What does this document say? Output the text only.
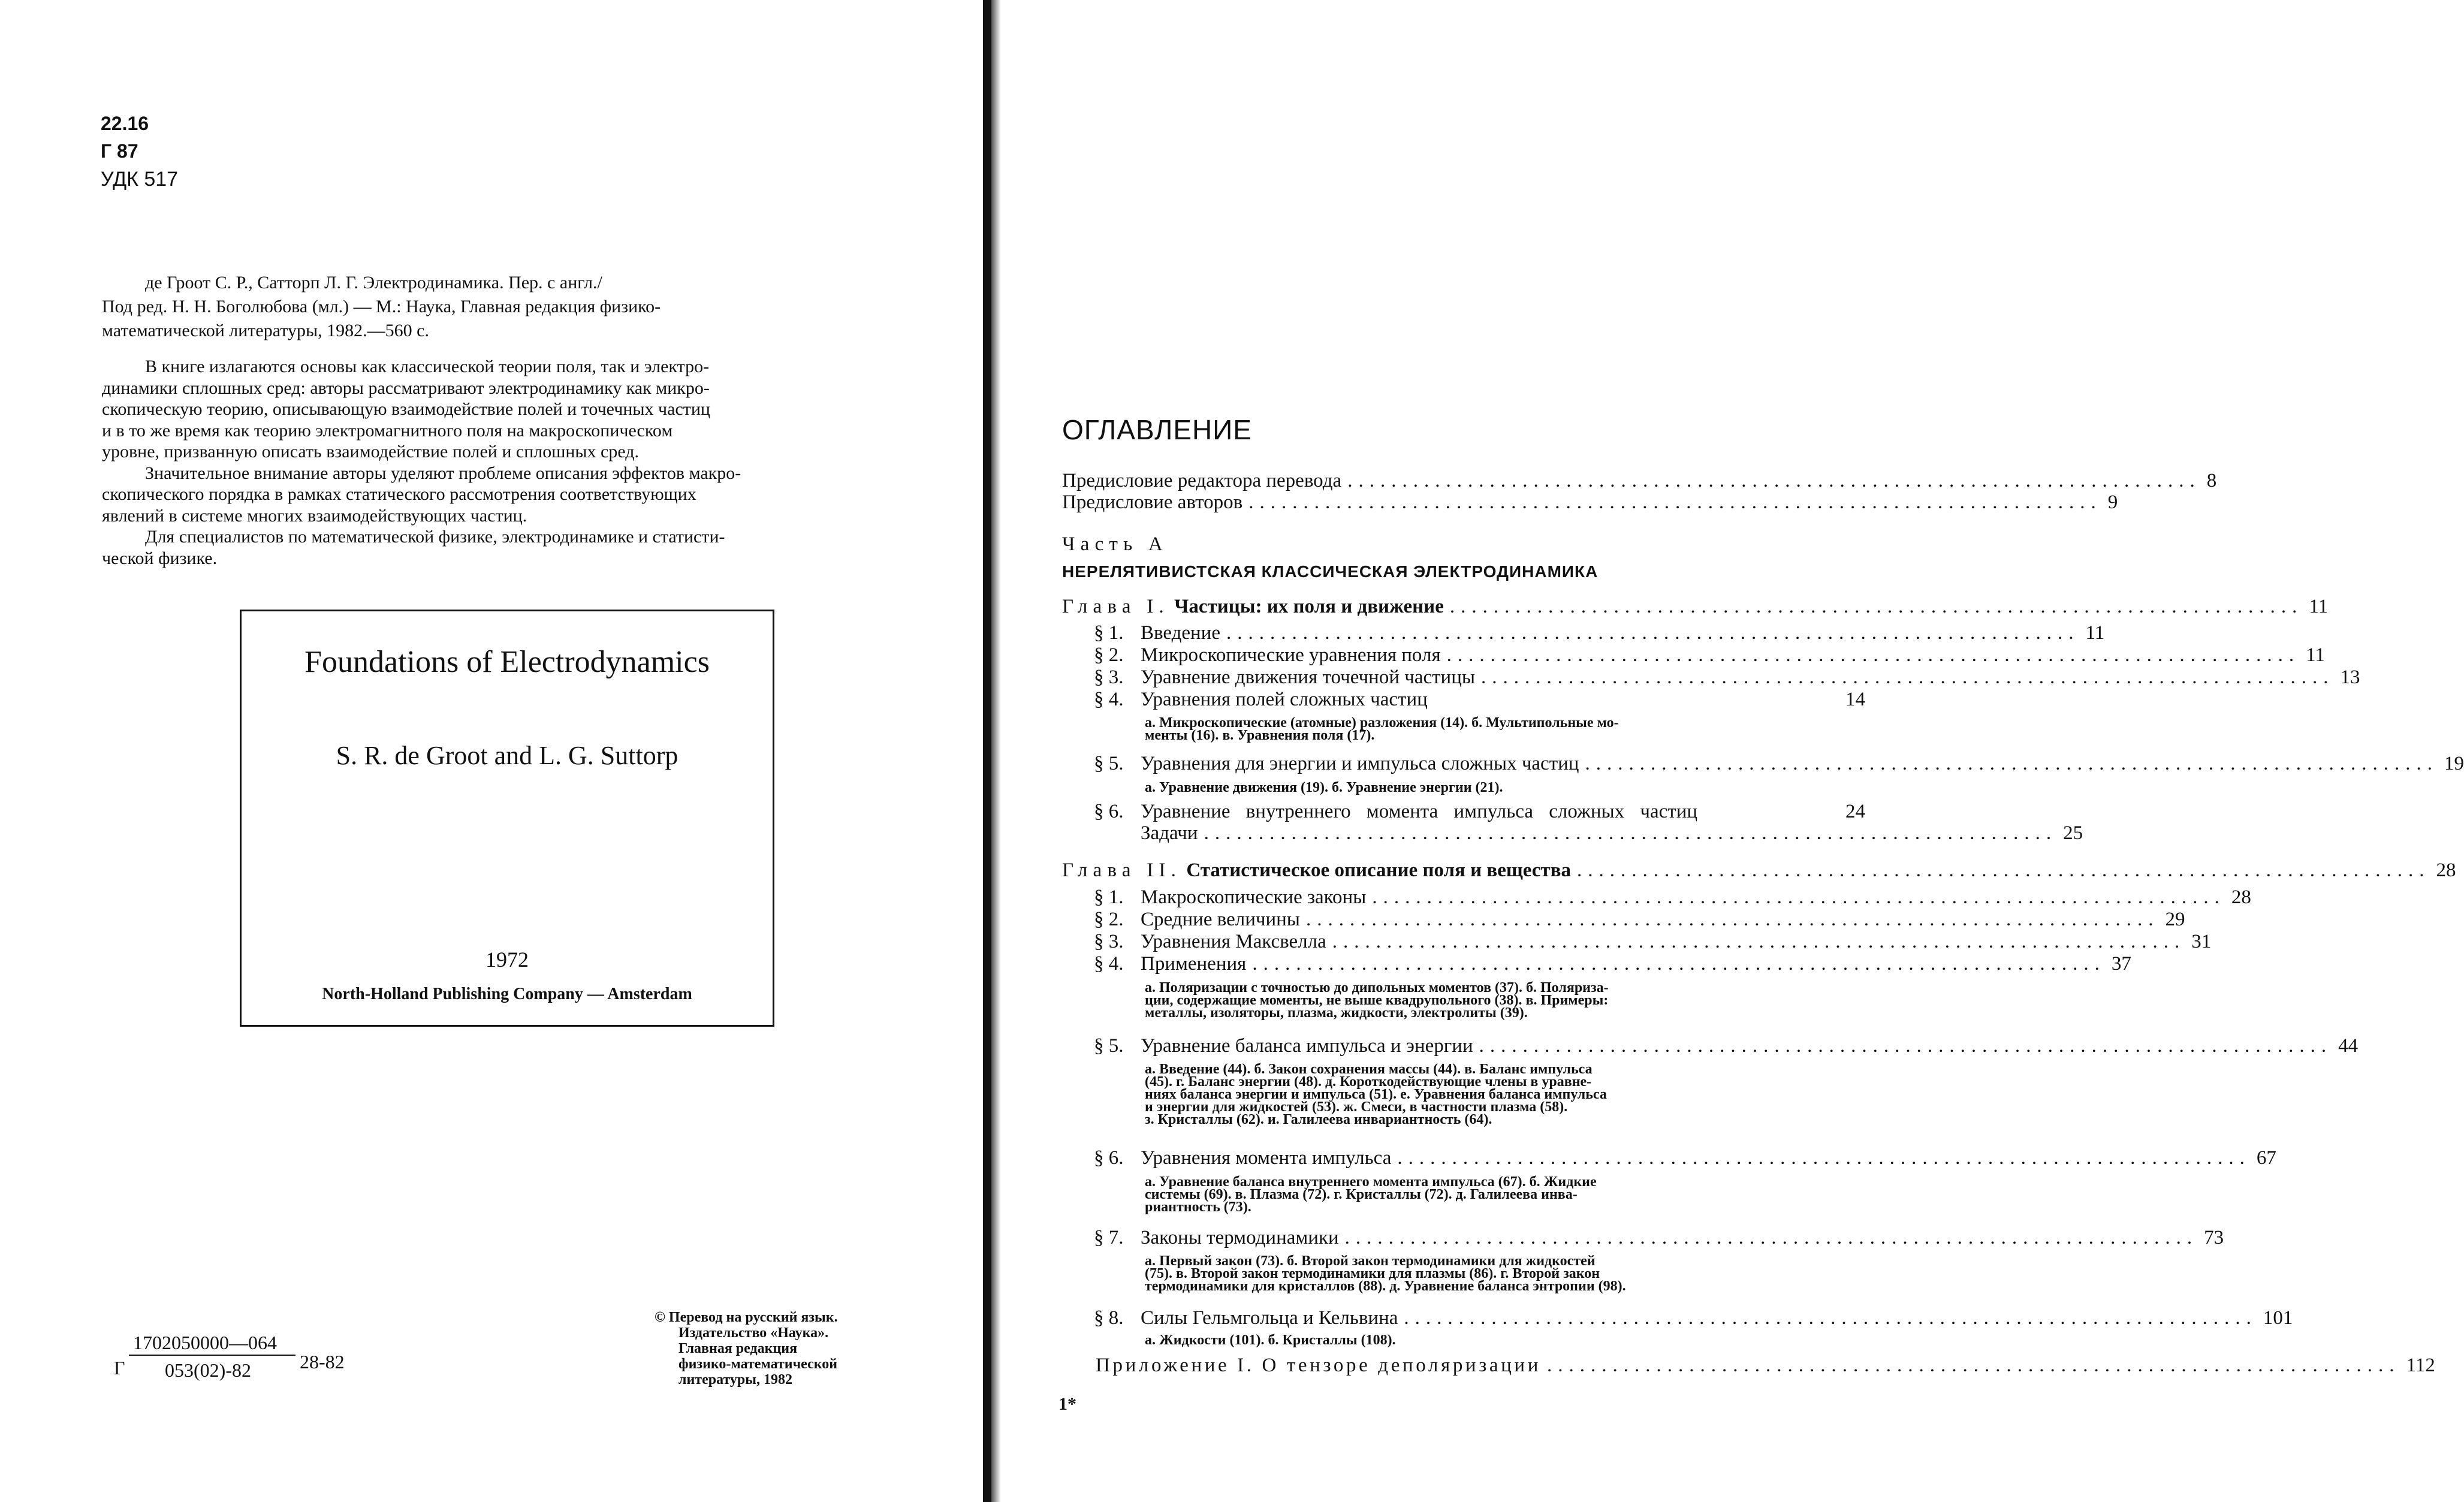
22.16
Г 87
УДК 517
де Гроот С. Р., Сатторп Л. Г. Электродинамика. Пер. с англ./
Под ред. Н. Н. Боголюбова (мл.) — М.: Наука, Главная редакция физико-
математической литературы, 1982.—560 с.
В книге излагаются основы как классической теории поля, так и электро-
динамики сплошных сред: авторы рассматривают электродинамику как микро-
скопическую теорию, описывающую взаимодействие полей и точечных частиц
и в то же время как теорию электромагнитного поля на макроскопическом
уровне, призванную описать взаимодействие полей и сплошных сред.
Значительное внимание авторы уделяют проблеме описания эффектов макро-
скопического порядка в рамках статического рассмотрения соответствующих
явлений в системе многих взаимодействующих частиц.
Для специалистов по математической физике, электродинамике и статисти-
ческой физике.
Foundations of Electrodynamics
S. R. de Groot and L. G. Suttorp
1972
North-Holland Publishing Company — Amsterdam
Г
1702050000—064
053(02)-82	28-82
© Перевод на русский язык.
Издательство «Наука».
Главная редакция
физико-математической
литературы, 1982
ОГЛАВЛЕНИЕ
Предисловие редактора перевода .............................................................................. 8
Предисловие авторов .............................................................................. 9
Часть А
НЕРЕЛЯТИВИСТСКАЯ КЛАССИЧЕСКАЯ ЭЛЕКТРОДИНАМИКА
Глава I. Частицы: их поля и движение .............................................................................. 11
§ 1. Введение .............................................................................. 11
§ 2. Микроскопические уравнения поля .............................................................................. 11
§ 3. Уравнение движения точечной частицы .............................................................................. 13
§ 4. Уравнения полей сложных частиц	14
а. Микроскопические (атомные) разложения (14). б. Мультипольные мо-
менты (16). в. Уравнения поля (17).
§ 5. Уравнения для энергии и импульса сложных частиц .............................................................................. 19
а. Уравнение движения (19). б. Уравнение энергии (21).
§ 6. Уравнение внутреннего момента импульса сложных частиц	24
Задачи .............................................................................. 25
Глава II. Статистическое описание поля и вещества .............................................................................. 28
§ 1. Макроскопические законы .............................................................................. 28
§ 2. Средние величины .............................................................................. 29
§ 3. Уравнения Максвелла .............................................................................. 31
§ 4. Применения .............................................................................. 37
а. Поляризации с точностью до дипольных моментов (37). б. Поляриза-
ции, содержащие моменты, не выше квадрупольного (38). в. Примеры:
металлы, изоляторы, плазма, жидкости, электролиты (39).
§ 5. Уравнение баланса импульса и энергии .............................................................................. 44
а. Введение (44). б. Закон сохранения массы (44). в. Баланс импульса
(45). г. Баланс энергии (48). д. Короткодействующие члены в уравне-
ниях баланса энергии и импульса (51). е. Уравнения баланса импульса
и энергии для жидкостей (53). ж. Смеси, в частности плазма (58).
з. Кристаллы (62). и. Галилеева инвариантность (64).
§ 6. Уравнения момента импульса .............................................................................. 67
а. Уравнение баланса внутреннего момента импульса (67). б. Жидкие
системы (69). в. Плазма (72). г. Кристаллы (72). д. Галилеева инва-
риантность (73).
§ 7. Законы термодинамики .............................................................................. 73
а. Первый закон (73). б. Второй закон термодинамики для жидкостей
(75). в. Второй закон термодинамики для плазмы (86). г. Второй закон
термодинамики для кристаллов (88). д. Уравнение баланса энтропии (98).
§ 8. Силы Гельмгольца и Кельвина .............................................................................. 101
а. Жидкости (101). б. Кристаллы (108).
Приложение I. О тензоре деполяризации .............................................................................. 112
1*
